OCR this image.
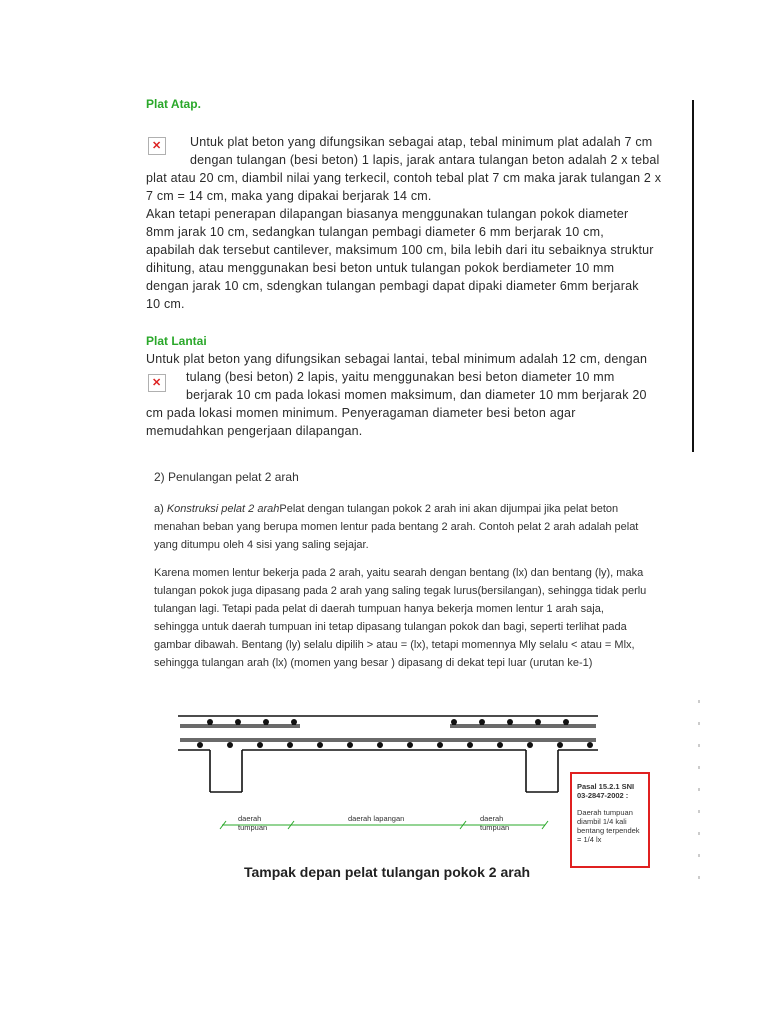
Plat Atap.
✕
Untuk plat beton yang difungsikan sebagai atap, tebal minimum plat adalah 7 cm
dengan tulangan (besi beton) 1 lapis, jarak antara tulangan beton adalah 2 x tebal
plat atau 20 cm, diambil nilai yang terkecil, contoh tebal plat 7 cm maka jarak tulangan 2 x
7 cm = 14 cm, maka yang dipakai berjarak 14 cm.
Akan tetapi penerapan dilapangan biasanya menggunakan tulangan pokok diameter
8mm jarak 10 cm, sedangkan tulangan pembagi diameter 6 mm berjarak 10 cm,
apabilah dak tersebut cantilever, maksimum 100 cm, bila lebih dari itu sebaiknya struktur
dihitung, atau menggunakan besi beton untuk tulangan pokok berdiameter 10 mm
dengan jarak 10 cm, sdengkan tulangan pembagi dapat dipaki diameter 6mm berjarak
10 cm.
Plat Lantai
Untuk plat beton yang difungsikan sebagai lantai, tebal minimum adalah 12 cm, dengan
✕
tulang (besi beton) 2 lapis, yaitu menggunakan besi beton diameter 10 mm
berjarak 10 cm pada lokasi momen maksimum, dan diameter 10 mm berjarak 20
cm pada lokasi momen minimum. Penyeragaman diameter besi beton agar
memudahkan pengerjaan dilapangan.
2) Penulangan pelat 2 arah
a) Konstruksi pelat 2 arahPelat dengan tulangan pokok 2 arah ini akan dijumpai jika pelat beton
menahan beban yang berupa momen lentur pada bentang 2 arah. Contoh pelat 2 arah adalah pelat
yang ditumpu oleh 4 sisi yang saling sejajar.
Karena momen lentur bekerja pada 2 arah, yaitu searah dengan bentang (lx) dan bentang (ly), maka
tulangan pokok juga dipasang pada 2 arah yang saling tegak lurus(bersilangan), sehingga tidak perlu
tulangan lagi. Tetapi pada pelat di daerah tumpuan hanya bekerja momen lentur 1 arah saja,
sehingga untuk daerah tumpuan ini tetap dipasang tulangan pokok dan bagi, seperti terlihat pada
gambar dibawah. Bentang (ly) selalu dipilih > atau = (lx), tetapi momennya Mly selalu < atau = Mlx,
sehingga tulangan arah (lx) (momen yang besar ) dipasang di dekat tepi luar (urutan ke-1)
daerah
tumpuan
daerah lapangan	daerah
tumpuan
Pasal 15.2.1 SNI
03-2847-2002 :
Daerah tumpuan
diambil 1/4 kali
bentang terpendek
= 1/4 lx
Tampak depan pelat tulangan pokok 2 arah
